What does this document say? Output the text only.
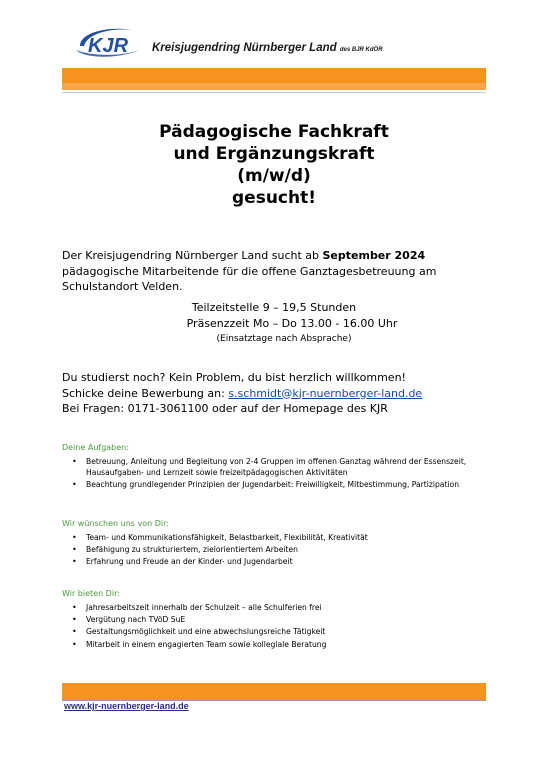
KJR Kreisjugendring Nürnberger Land des BJR KdÖR
Pädagogische Fachkraft
und Ergänzungskraft
(m/w/d)
gesucht!
Der Kreisjugendring Nürnberger Land sucht ab September 2024 pädagogische Mitarbeitende für die offene Ganztagesbetreuung am Schulstandort Velden.
Teilzeitstelle 9 – 19,5 Stunden
Präsenzzeit Mo – Do 13.00 - 16.00 Uhr
(Einsatztage nach Absprache)
Du studierst noch? Kein Problem, du bist herzlich willkommen!
Schicke deine Bewerbung an: s.schmidt@kjr-nuernberger-land.de
Bei Fragen: 0171-3061100 oder auf der Homepage des KJR
Deine Aufgaben:
• Betreuung, Anleitung und Begleitung von 2-4 Gruppen im offenen Ganztag während der Essenszeit, Hausaufgaben- und Lernzeit sowie freizeitpädagogischen Aktivitäten
• Beachtung grundlegender Prinzipien der Jugendarbeit: Freiwilligkeit, Mitbestimmung, Partizipation
Wir wünschen uns von Dir:
• Team- und Kommunikationsfähigkeit, Belastbarkeit, Flexibilität, Kreativität
• Befähigung zu strukturiertem, zielorientiertem Arbeiten
• Erfahrung und Freude an der Kinder- und Jugendarbeit
Wir bieten Dir:
• Jahresarbeitszeit innerhalb der Schulzeit – alle Schulferien frei
• Vergütung nach TVöD SuE
• Gestaltungsmöglichkeit und eine abwechslungsreiche Tätigkeit
• Mitarbeit in einem engagierten Team sowie kollegiale Beratung
www.kjr-nuernberger-land.de
